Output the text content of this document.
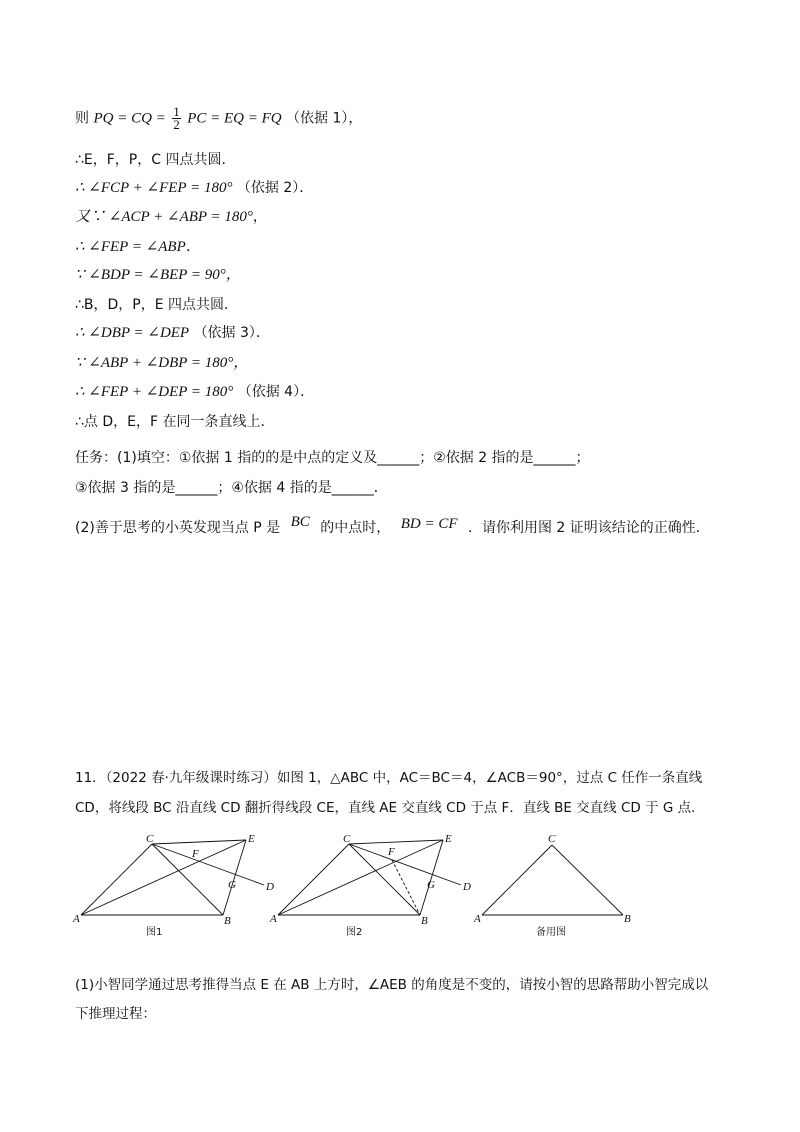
则 PQ = CQ = $\frac{1}{2}$ PC = EQ = FQ （依据 1），
∴E，F，P，C 四点共圆．
∴ ∠FCP + ∠FEP = 180° （依据 2）．
又∵ ∠ACP + ∠ABP = 180°，
∴ ∠FEP = ∠ABP．
∵ ∠BDP = ∠BEP = 90°，
∴B，D，P，E 四点共圆．
∴ ∠DBP = ∠DEP （依据 3）．
∵ ∠ABP + ∠DBP = 180°，
∴ ∠FEP + ∠DEP = 180° （依据 4）．
∴点 D，E，F 在同一条直线上．
任务：(1)填空：①依据 1 指的的是中点的定义及______；②依据 2 指的是______；
③依据 3 指的是______；④依据 4 指的是______．
(2)善于思考的小英发现当点 P 是 BC 的中点时， BD = CF ．请你利用图 2 证明该结论的正确性．
11．（2022 春·九年级课时练习）如图 1，△ABC 中，AC＝BC＝4，∠ACB＝90°，过点 C 任作一条直线
CD，将线段 BC 沿直线 CD 翻折得线段 CE，直线 AE 交直线 CD 于点 F．直线 BE 交直线 CD 于 G 点．
A	B
C
D
E
F
G
图1
A	B
C
D
E
F
G
图2
A	B
C
备用图
(1)小智同学通过思考推得当点 E 在 AB 上方时，∠AEB 的角度是不变的，请按小智的思路帮助小智完成以
下推理过程：
